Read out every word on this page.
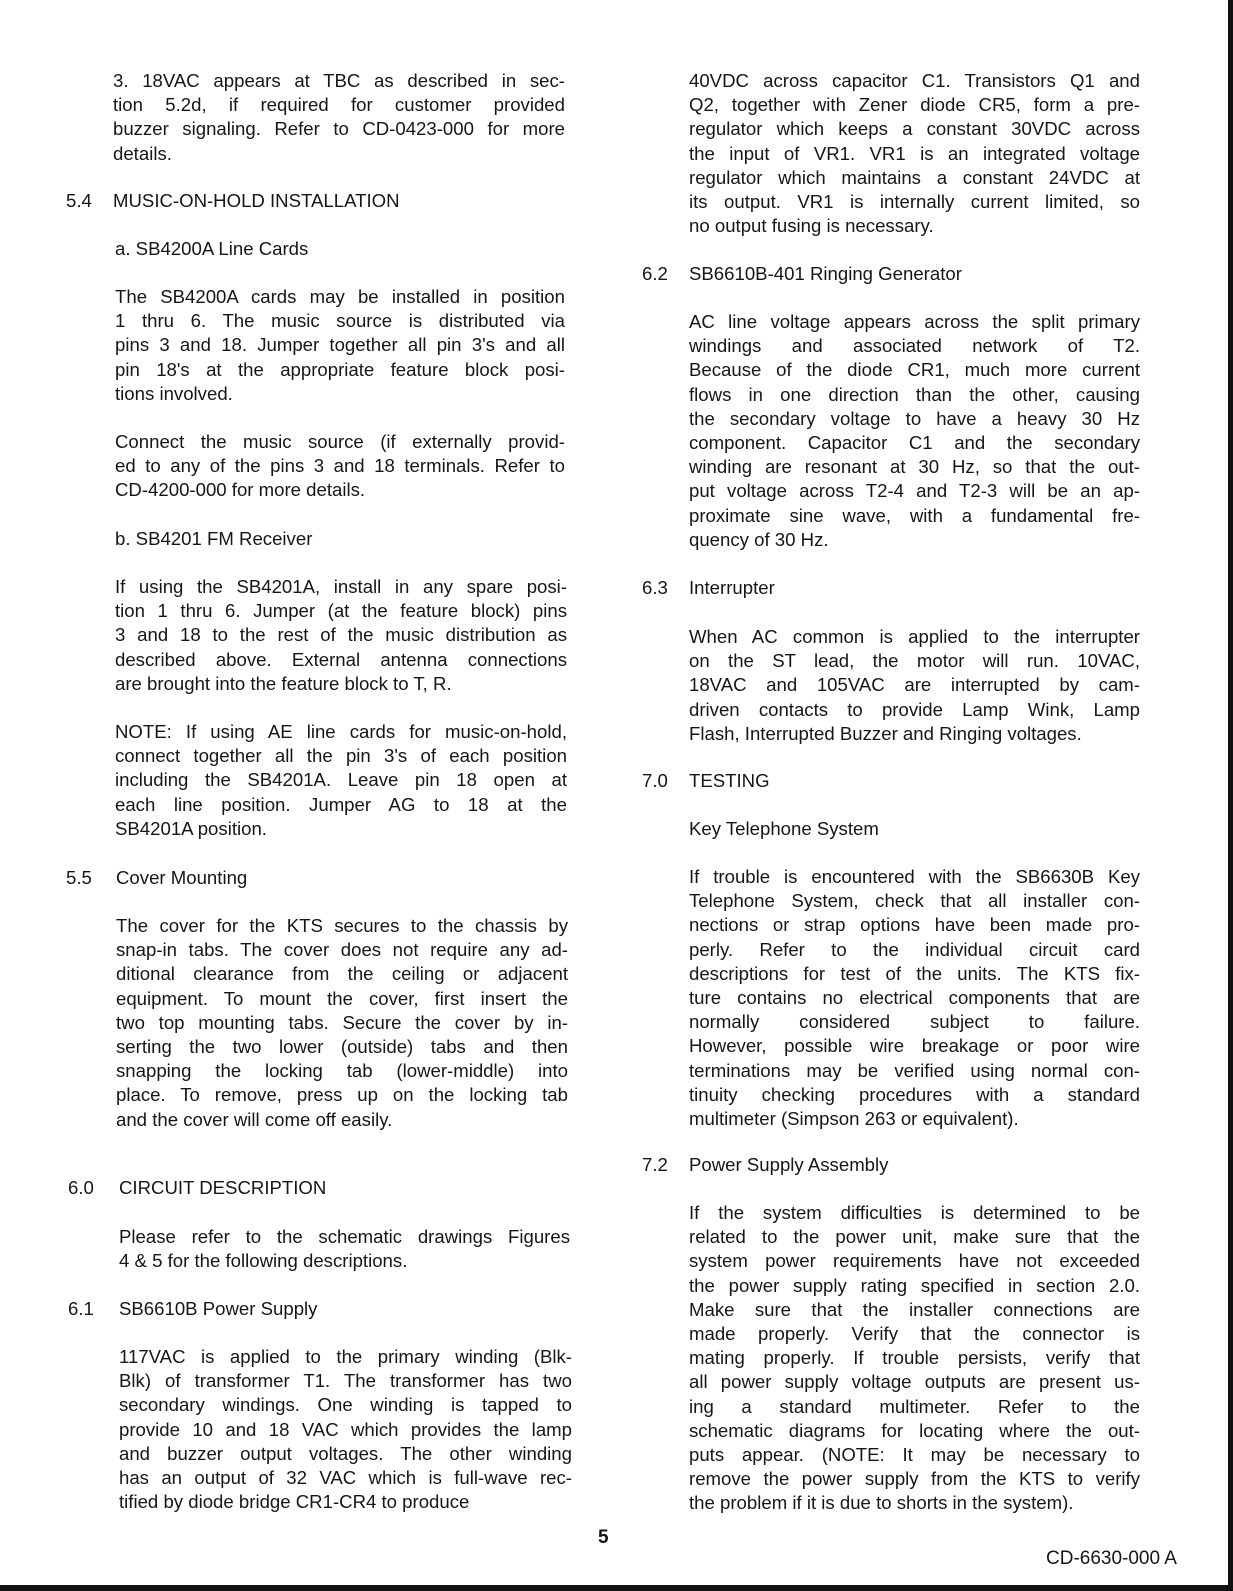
3. 18VAC appears at TBC as described in sec-
tion 5.2d, if required for customer provided
buzzer signaling. Refer to CD-0423-000 for more
details.

5.4	MUSIC-ON-HOLD INSTALLATION
a. SB4200A Line Cards

The SB4200A cards may be installed in position
1 thru 6. The music source is distributed via
pins 3 and 18. Jumper together all pin 3's and all
pin 18's at the appropriate feature block posi-
tions involved.

Connect the music source (if externally provid-
ed to any of the pins 3 and 18 terminals. Refer to
CD-4200-000 for more details.

b. SB4201 FM Receiver

If using the SB4201A, install in any spare posi-
tion 1 thru 6. Jumper (at the feature block) pins
3 and 18 to the rest of the music distribution as
described above. External antenna connections
are brought into the feature block to T, R.

NOTE: If using AE line cards for music-on-hold,
connect together all the pin 3's of each position
including the SB4201A. Leave pin 18 open at
each line position. Jumper AG to 18 at the
SB4201A position.

5.5	Cover Mounting

The cover for the KTS secures to the chassis by
snap-in tabs. The cover does not require any ad-
ditional clearance from the ceiling or adjacent
equipment. To mount the cover, first insert the
two top mounting tabs. Secure the cover by in-
serting the two lower (outside) tabs and then
snapping the locking tab (lower-middle) into
place. To remove, press up on the locking tab
and the cover will come off easily.

6.0	CIRCUIT DESCRIPTION

Please refer to the schematic drawings Figures
4 & 5 for the following descriptions.

6.1	SB6610B Power Supply

117VAC is applied to the primary winding (Blk-
Blk) of transformer T1. The transformer has two
secondary windings. One winding is tapped to
provide 10 and 18 VAC which provides the lamp
and buzzer output voltages. The other winding
has an output of 32 VAC which is full-wave rec-
tified by diode bridge CR1-CR4 to produce

40VDC across capacitor C1. Transistors Q1 and
Q2, together with Zener diode CR5, form a pre-
regulator which keeps a constant 30VDC across
the input of VR1. VR1 is an integrated voltage
regulator which maintains a constant 24VDC at
its output. VR1 is internally current limited, so
no output fusing is necessary.

6.2	SB6610B-401 Ringing Generator

AC line voltage appears across the split primary
windings and associated network of T2.
Because of the diode CR1, much more current
flows in one direction than the other, causing
the secondary voltage to have a heavy 30 Hz
component. Capacitor C1 and the secondary
winding are resonant at 30 Hz, so that the out-
put voltage across T2-4 and T2-3 will be an ap-
proximate sine wave, with a fundamental fre-
quency of 30 Hz.

6.3	Interrupter

When AC common is applied to the interrupter
on the ST lead, the motor will run. 10VAC,
18VAC and 105VAC are interrupted by cam-
driven contacts to provide Lamp Wink, Lamp
Flash, Interrupted Buzzer and Ringing voltages.

7.0	TESTING
Key Telephone System

If trouble is encountered with the SB6630B Key
Telephone System, check that all installer con-
nections or strap options have been made pro-
perly. Refer to the individual circuit card
descriptions for test of the units. The KTS fix-
ture contains no electrical components that are
normally considered subject to failure.
However, possible wire breakage or poor wire
terminations may be verified using normal con-
tinuity checking procedures with a standard
multimeter (Simpson 263 or equivalent).

7.2	Power Supply Assembly

If the system difficulties is determined to be
related to the power unit, make sure that the
system power requirements have not exceeded
the power supply rating specified in section 2.0.
Make sure that the installer connections are
made properly. Verify that the connector is
mating properly. If trouble persists, verify that
all power supply voltage outputs are present us-
ing a standard multimeter. Refer to the
schematic diagrams for locating where the out-
puts appear. (NOTE: It may be necessary to
remove the power supply from the KTS to verify
the problem if it is due to shorts in the system).

5
CD-6630-000 A
